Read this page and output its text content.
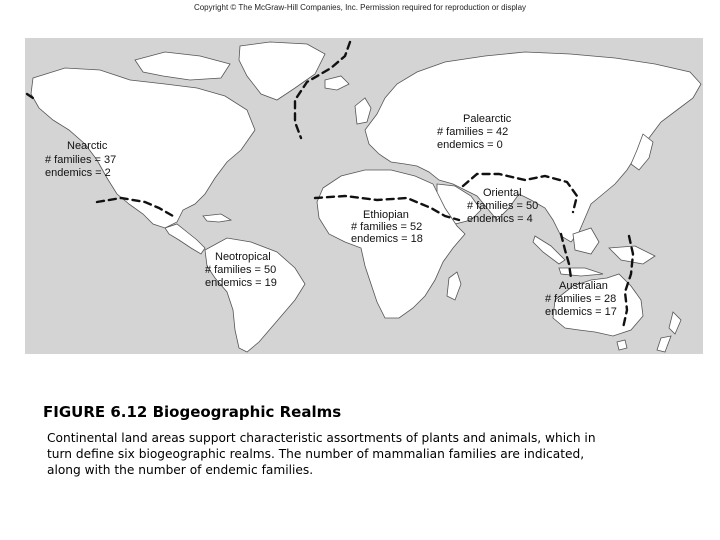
Copyright © The McGraw-Hill Companies, Inc. Permission required for reproduction or display
Nearctic # families = 37 endemics = 2
Palearctic # families = 42 endemics = 0
Oriental # families = 50 endemics = 4
Ethiopian # families = 52 endemics = 18
Neotropical # families = 50 endemics = 19	Australian # families = 28 endemics = 17
FIGURE 6.12 Biogeographic Realms
Continental land areas support characteristic assortments of plants and animals, which in
turn define six biogeographic realms. The number of mammalian families are indicated,
along with the number of endemic families.
